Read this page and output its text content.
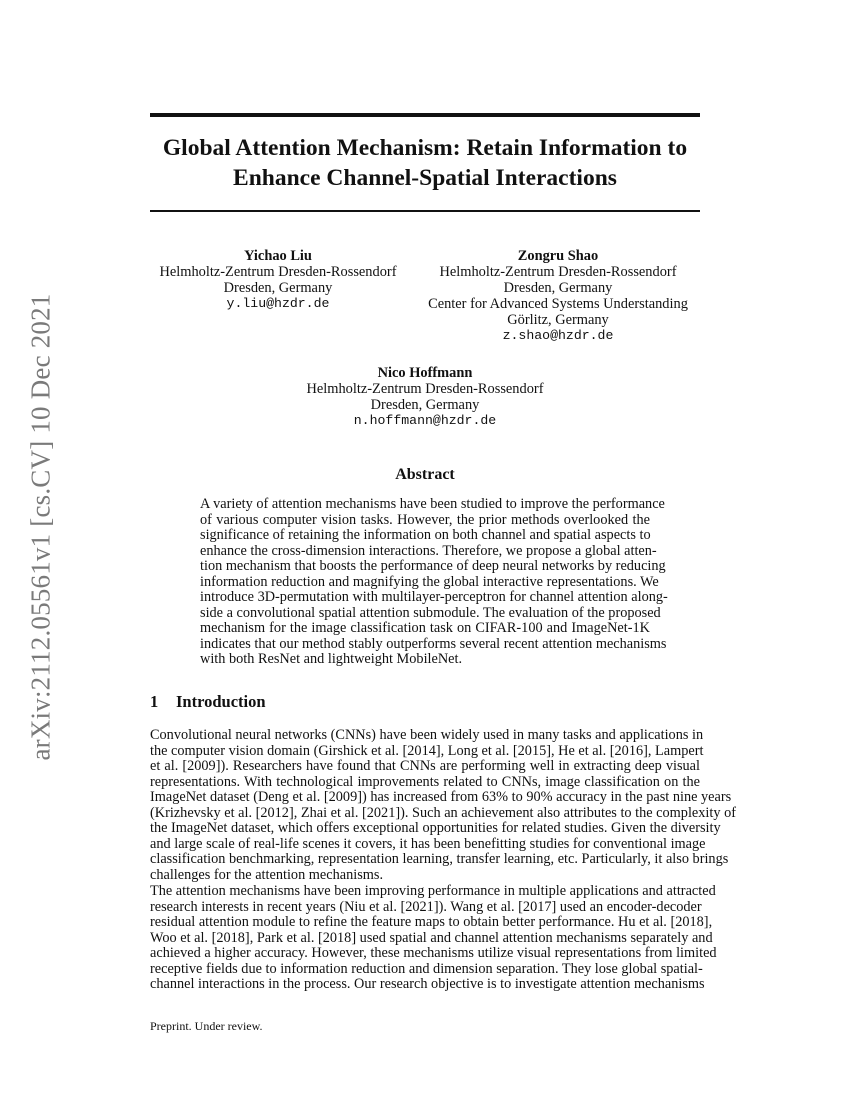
arXiv:2112.05561v1 [cs.CV] 10 Dec 2021
Global Attention Mechanism: Retain Information to
Enhance Channel-Spatial Interactions
Yichao Liu
Helmholtz-Zentrum Dresden-Rossendorf
Dresden, Germany
y.liu@hzdr.de
Zongru Shao
Helmholtz-Zentrum Dresden-Rossendorf
Dresden, Germany
Center for Advanced Systems Understanding
Görlitz, Germany
z.shao@hzdr.de
Nico Hoffmann
Helmholtz-Zentrum Dresden-Rossendorf
Dresden, Germany
n.hoffmann@hzdr.de
Abstract
A variety of attention mechanisms have been studied to improve the performance
of various computer vision tasks. However, the prior methods overlooked the
significance of retaining the information on both channel and spatial aspects to
enhance the cross-dimension interactions. Therefore, we propose a global atten-
tion mechanism that boosts the performance of deep neural networks by reducing
information reduction and magnifying the global interactive representations. We
introduce 3D-permutation with multilayer-perceptron for channel attention along-
side a convolutional spatial attention submodule. The evaluation of the proposed
mechanism for the image classification task on CIFAR-100 and ImageNet-1K
indicates that our method stably outperforms several recent attention mechanisms
with both ResNet and lightweight MobileNet.
1 Introduction
Convolutional neural networks (CNNs) have been widely used in many tasks and applications in
the computer vision domain (Girshick et al. [2014], Long et al. [2015], He et al. [2016], Lampert
et al. [2009]). Researchers have found that CNNs are performing well in extracting deep visual
representations. With technological improvements related to CNNs, image classification on the
ImageNet dataset (Deng et al. [2009]) has increased from 63% to 90% accuracy in the past nine years
(Krizhevsky et al. [2012], Zhai et al. [2021]). Such an achievement also attributes to the complexity of
the ImageNet dataset, which offers exceptional opportunities for related studies. Given the diversity
and large scale of real-life scenes it covers, it has been benefitting studies for conventional image
classification benchmarking, representation learning, transfer learning, etc. Particularly, it also brings
challenges for the attention mechanisms.
The attention mechanisms have been improving performance in multiple applications and attracted
research interests in recent years (Niu et al. [2021]). Wang et al. [2017] used an encoder-decoder
residual attention module to refine the feature maps to obtain better performance. Hu et al. [2018],
Woo et al. [2018], Park et al. [2018] used spatial and channel attention mechanisms separately and
achieved a higher accuracy. However, these mechanisms utilize visual representations from limited
receptive fields due to information reduction and dimension separation. They lose global spatial-
channel interactions in the process. Our research objective is to investigate attention mechanisms
Preprint. Under review.
